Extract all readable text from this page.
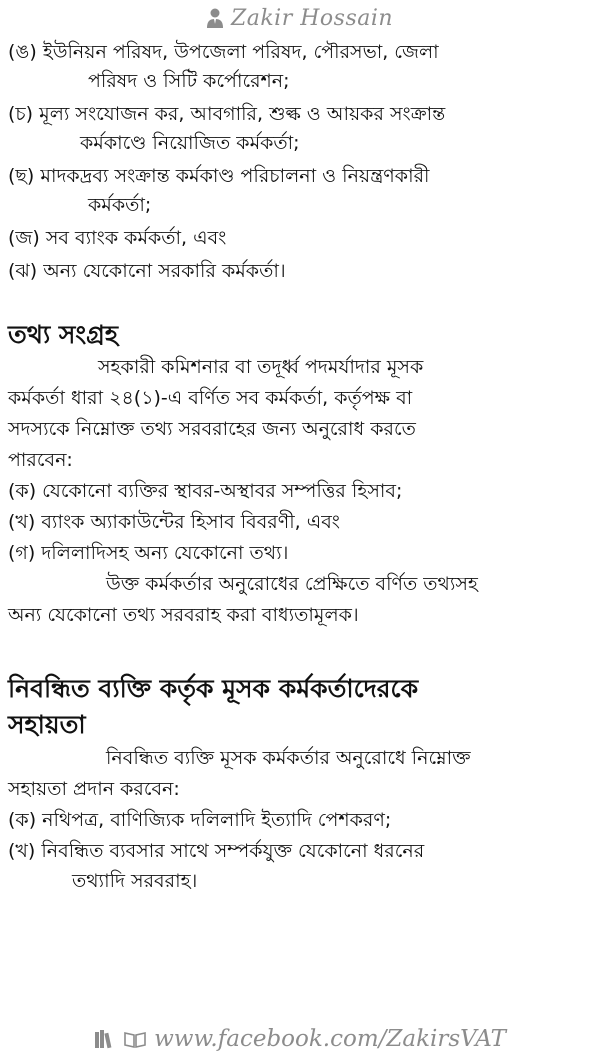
Zakir Hossain

(ঙ) ইউনিয়ন পরিষদ, উপজেলা পরিষদ, পৌরসভা, জেলা

পরিষদ ও সিটি কর্পোরেশন;

(চ) মূল্য সংযোজন কর, আবগারি, শুল্ক ও আয়কর সংক্রান্ত

কর্মকাণ্ডে নিয়োজিত কর্মকর্তা;

(ছ) মাদকদ্রব্য সংক্রান্ত কর্মকাণ্ড পরিচালনা ও নিয়ন্ত্রণকারী

কর্মকর্তা;

(জ) সব ব্যাংক কর্মকর্তা, এবং

(ঝ) অন্য যেকোনো সরকারি কর্মকর্তা।

তথ্য সংগ্রহ
সহকারী কমিশনার বা তদূর্ধ্ব পদমর্যাদার মূসক
কর্মকর্তা ধারা ২৪(১)-এ বর্ণিত সব কর্মকর্তা, কর্তৃপক্ষ বা
সদস্যকে নিম্নোক্ত তথ্য সরবরাহের জন্য অনুরোধ করতে
পারবেন:

(ক) যেকোনো ব্যক্তির স্থাবর-অস্থাবর সম্পত্তির হিসাব;

(খ) ব্যাংক অ্যাকাউন্টের হিসাব বিবরণী, এবং

(গ) দলিলাদিসহ অন্য যেকোনো তথ্য।

উক্ত কর্মকর্তার অনুরোধের প্রেক্ষিতে বর্ণিত তথ্যসহ
অন্য যেকোনো তথ্য সরবরাহ করা বাধ্যতামূলক।
নিবন্ধিত ব্যক্তি কর্তৃক মূসক কর্মকর্তাদেরকে
সহায়তা
নিবন্ধিত ব্যক্তি মূসক কর্মকর্তার অনুরোধে নিম্নোক্ত
সহায়তা প্রদান করবেন:

(ক) নথিপত্র, বাণিজ্যিক দলিলাদি ইত্যাদি পেশকরণ;

(খ) নিবন্ধিত ব্যবসার সাথে সম্পর্কযুক্ত যেকোনো ধরনের

তথ্যাদি সরবরাহ।

www.facebook.com/ZakirsVAT
